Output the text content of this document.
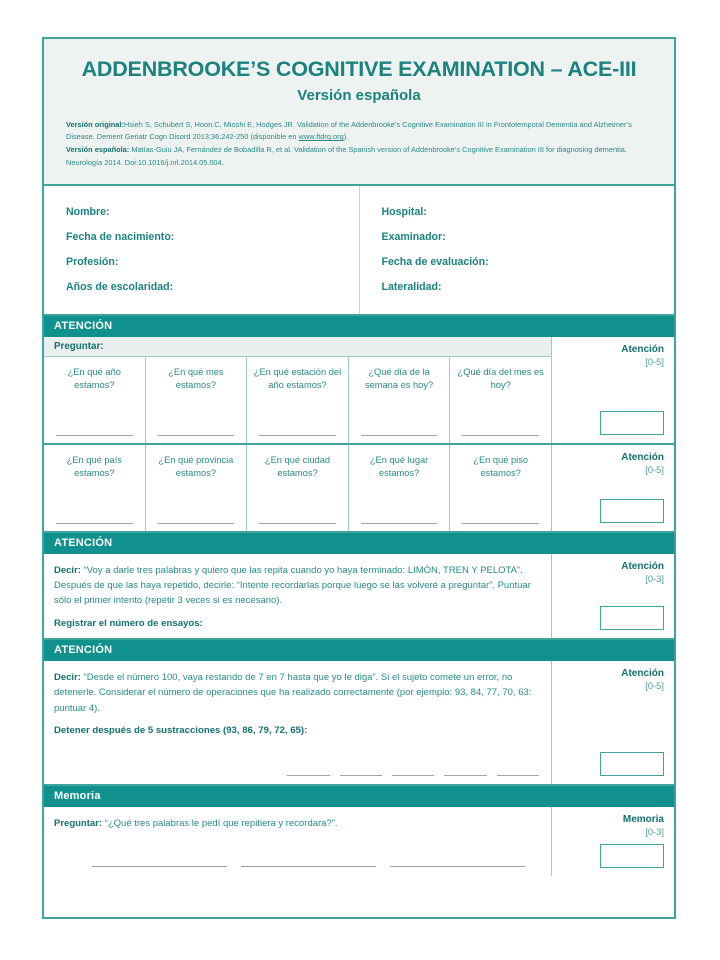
ADDENBROOKE’S COGNITIVE EXAMINATION – ACE-III
Versión española
Versión original:Hsieh S, Schubert S, Hoon C, Mioshi E, Hodges JR. Validation of the Addenbrooke’s Cognitive Examination III in Frontotemporal Dementia and Alzheimer’s Disease. Dement Geriatr Cogn Disord 2013;36:242-250 (disponible en www.ftdrg.org).
Versión española: Matías-Guiu JA, Fernández de Bobadilla R, et al. Validation of the Spanish version of Addenbrooke’s Cognitive Examination III for diagnosing dementia. Neurología 2014. Doi:10.1016/j.nrl.2014.05.004.
Nombre:
Fecha de nacimiento:
Profesión:
Años de escolaridad:
Hospital:
Examinador:
Fecha de evaluación:
Lateralidad:
ATENCIÓN
Preguntar:
¿En qué año estamos?
¿En qué mes estamos?
¿En qué estación del año estamos?
¿Qué día de la semana es hoy?
¿Qué día del mes es hoy?
Atención
[0-5]
¿En qué país estamos?
¿En qué provincia estamos?
¿En qué ciudad estamos?
¿En qué lugar estamos?
¿En qué piso estamos?
Atención
[0-5]
ATENCIÓN
Decir: “Voy a darle tres palabras y quiero que las repita cuando yo haya terminado: LIMÓN, TREN Y PELOTA”. Después de que las haya repetido, decirle: “Intente recordarlas porque luego se las volveré a preguntar”. Puntuar sólo el primer intento (repetir 3 veces si es necesario).
Registrar el número de ensayos:
Atención
[0-3]
ATENCIÓN
Decir: “Desde el número 100, vaya restando de 7 en 7 hasta que yo le diga”. Si el sujeto comete un error, no detenerle. Considerar el número de operaciones que ha realizado correctamente (por ejemplo: 93, 84, 77, 70, 63: puntuar 4).
Detener después de 5 sustracciones (93, 86, 79, 72, 65):
Atención
[0-5]
Memoria
Preguntar: “¿Qué tres palabras le pedí que repitiera y recordara?”.	Memoria
[0-3]
